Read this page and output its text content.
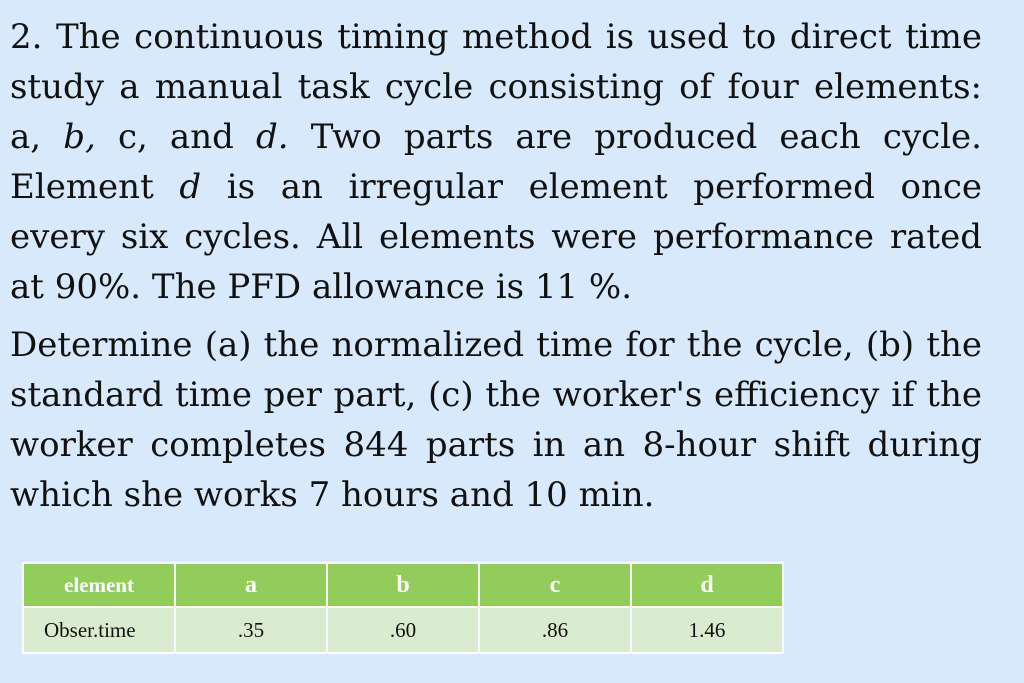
2. The continuous timing method is used to direct time study a manual task cycle consisting of four elements: a, b, c, and d. Two parts are produced each cycle. Element d is an irregular element performed once every six cycles. All elements were performance rated at 90%. The PFD allowance is 11 %.

Determine (a) the normalized time for the cycle, (b) the standard time per part, (c) the worker's efficiency if the worker completes 844 parts in an 8-hour shift during which she works 7 hours and 10 min.

element	a	b	c	d
Obser.time	.35	.60	.86	1.46
